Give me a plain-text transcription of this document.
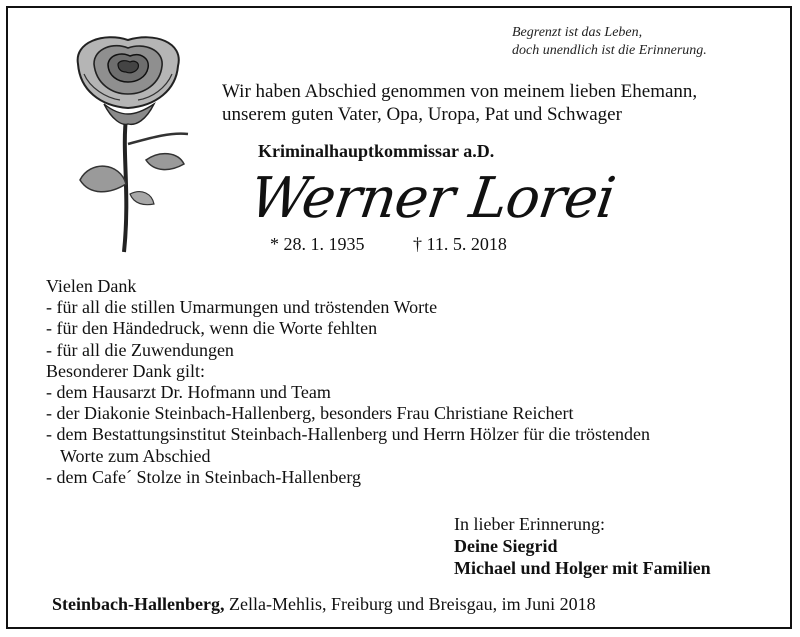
Begrenzt ist das Leben,
doch unendlich ist die Erinnerung.
Wir haben Abschied genommen von meinem lieben Ehemann,
unserem guten Vater, Opa, Uropa, Pat und Schwager
Kriminalhauptkommissar a.D.
Werner Lorei
* 28. 1. 1935	† 11. 5. 2018
Vielen Dank
- für all die stillen Umarmungen und tröstenden Worte
- für den Händedruck, wenn die Worte fehlten
- für all die Zuwendungen
Besonderer Dank gilt:
- dem Hausarzt Dr. Hofmann und Team
- der Diakonie Steinbach-Hallenberg, besonders Frau Christiane Reichert
- dem Bestattungsinstitut Steinbach-Hallenberg und Herrn Hölzer für die tröstenden
Worte zum Abschied
- dem Cafe´ Stolze in Steinbach-Hallenberg
In lieber Erinnerung:
Deine Siegrid
Michael und Holger mit Familien
Steinbach-Hallenberg, Zella-Mehlis, Freiburg und Breisgau, im Juni 2018
